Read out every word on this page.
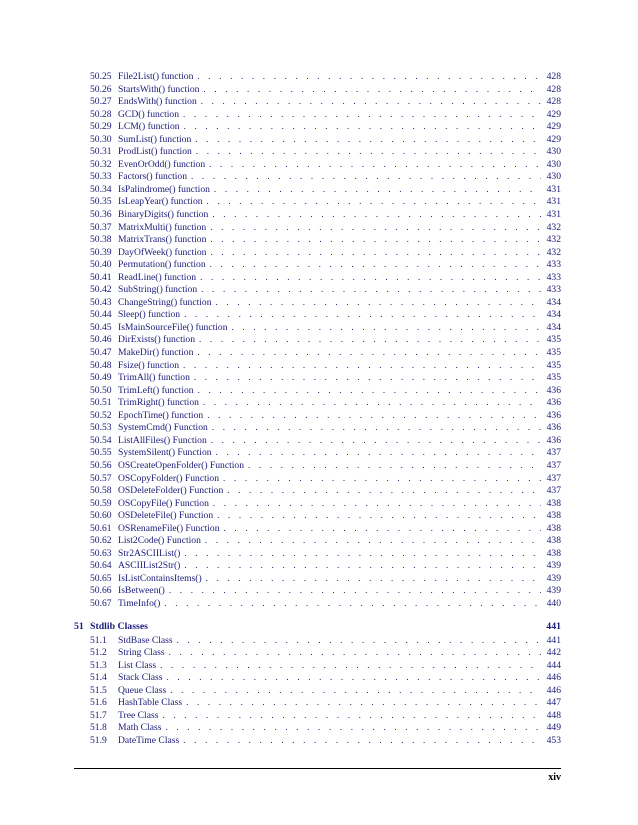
50.25 File2List() function . . .	428
50.26 StartsWith() function . . .	428
50.27 EndsWith() function . . .	428
50.28 GCD() function . . .	429
50.29 LCM() function . . .	429
50.30 SumList() function . . .	429
50.31 ProdList() function . . .	430
50.32 EvenOrOdd() function . . .	430
50.33 Factors() function . . .	430
50.34 IsPalindrome() function . . .	431
50.35 IsLeapYear() function . . .	431
50.36 BinaryDigits() function . . .	431
50.37 MatrixMulti() function . . .	432
50.38 MatrixTrans() function . . .	432
50.39 DayOfWeek() function . . .	432
50.40 Permutation() function . . .	433
50.41 ReadLine() function . . .	433
50.42 SubString() function . . .	433
50.43 ChangeString() function . . .	434
50.44 Sleep() function . . .	434
50.45 IsMainSourceFile() function . . .	434
50.46 DirExists() function . . .	435
50.47 MakeDir() function . . .	435
50.48 Fsize() function . . .	435
50.49 TrimAll() function . . .	435
50.50 TrimLeft() function . . .	436
50.51 TrimRight() function . . .	436
50.52 EpochTime() function . . .	436
50.53 SystemCmd() Function . . .	436
50.54 ListAllFiles() Function . . .	436
50.55 SystemSilent() Function . . .	437
50.56 OSCreateOpenFolder() Function . . .	437
50.57 OSCopyFolder() Function . . .	437
50.58 OSDeleteFolder() Function . . .	437
50.59 OSCopyFile() Function . . .	438
50.60 OSDeleteFile() Function . . .	438
50.61 OSRenameFile() Function . . .	438
50.62 List2Code() Function . . .	438
50.63 Str2ASCIIList() . . .	438
50.64 ASCIIList2Str() . . .	439
50.65 IsListContainsItems() . . .	439
50.66 IsBetween() . . .	439
50.67 TimeInfo() . . .	440
51 Stdlib Classes	441
51.1	StdBase Class . . .	441
51.2	String Class . . .	442
51.3	List Class . . .	444
51.4	Stack Class . . .	446
51.5	Queue Class . . .	446
51.6	HashTable Class . . .	447
51.7	Tree Class . . .	448
51.8	Math Class . . .	449
51.9	DateTime Class . . .	453
xiv
